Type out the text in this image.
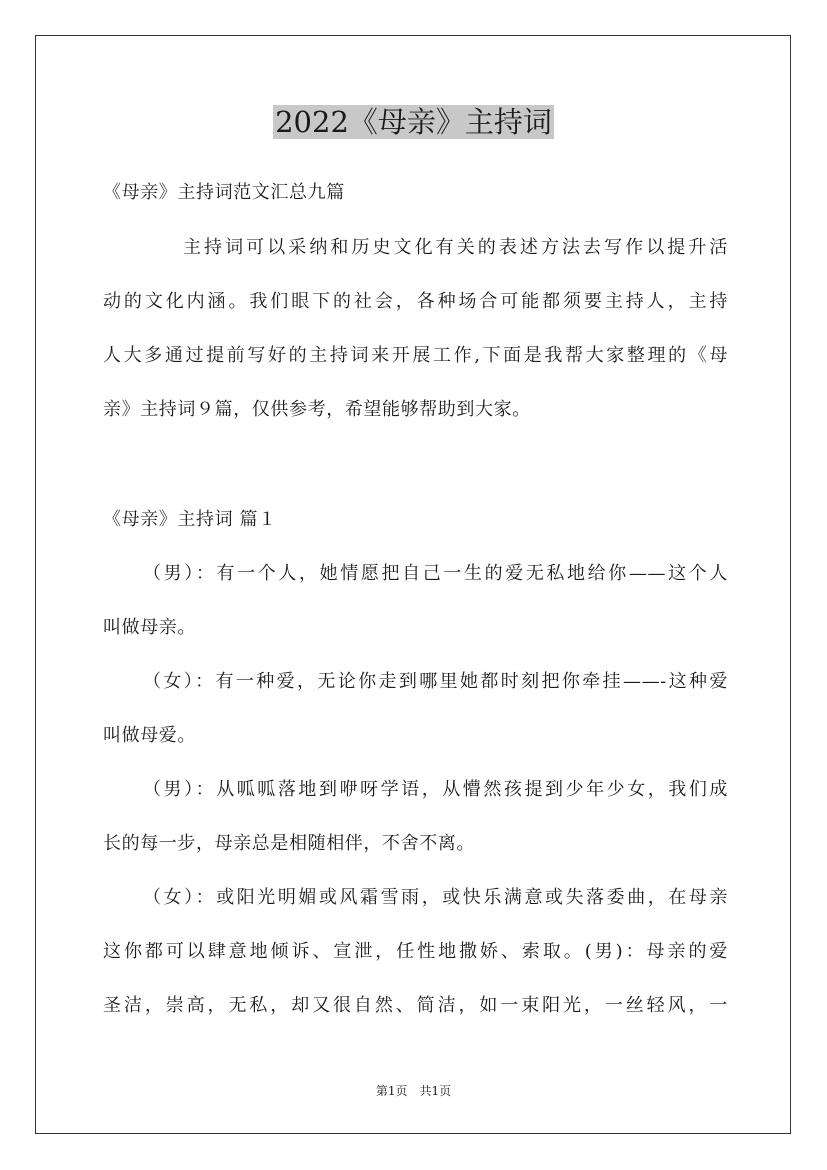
2022《母亲》主持词
《母亲》主持词范文汇总九篇
主持词可以采纳和历史文化有关的表述方法去写作以提升活
动的文化内涵。我们眼下的社会，各种场合可能都须要主持人，主持
人大多通过提前写好的主持词来开展工作,下面是我帮大家整理的《母
亲》主持词９篇，仅供参考，希望能够帮助到大家。
《母亲》主持词 篇１
（男）：有一个人，她情愿把自己一生的爱无私地给你——这个人
叫做母亲。
（女）：有一种爱，无论你走到哪里她都时刻把你牵挂——-这种爱
叫做母爱。
（男）：从呱呱落地到咿呀学语，从懵然孩提到少年少女，我们成
长的每一步，母亲总是相随相伴，不舍不离。
（女）：或阳光明媚或风霜雪雨，或快乐满意或失落委曲，在母亲
这你都可以肆意地倾诉、宣泄，任性地撒娇、索取。(男)：母亲的爱
圣洁，崇高，无私，却又很自然、简洁，如一束阳光，一丝轻风，一
第1页　共1页
